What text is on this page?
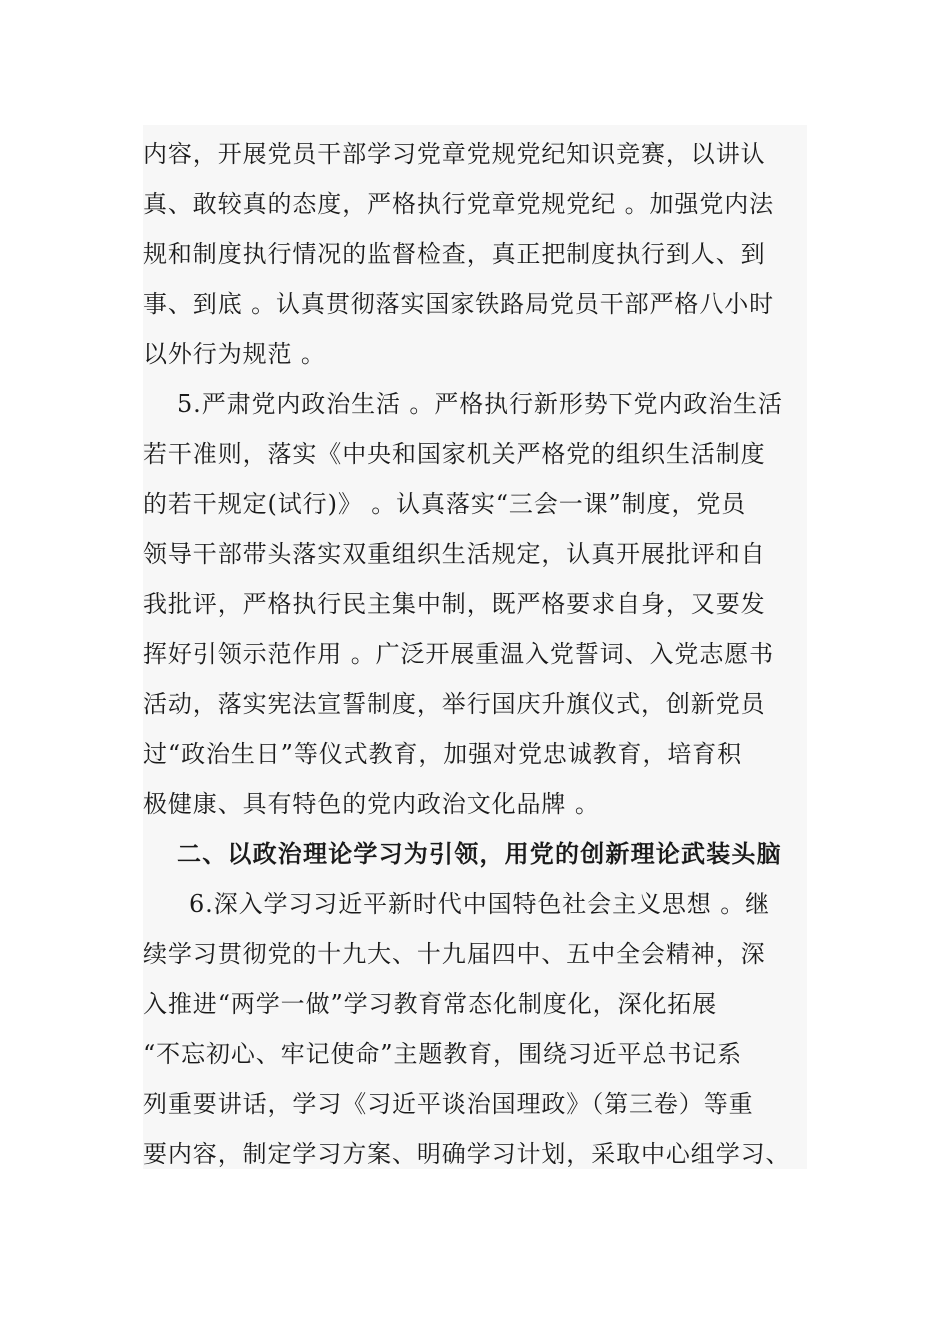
内容，开展党员干部学习党章党规党纪知识竞赛，以讲认
真、敢较真的态度，严格执行党章党规党纪 。加强党内法
规和制度执行情况的监督检查，真正把制度执行到人、到
事、到底 。认真贯彻落实国家铁路局党员干部严格八小时
以外行为规范 。
5.严肃党内政治生活 。严格执行新形势下党内政治生活
若干准则，落实《中央和国家机关严格党的组织生活制度
的若干规定(试行)》 。认真落实“三会一课”制度，党员
领导干部带头落实双重组织生活规定，认真开展批评和自
我批评，严格执行民主集中制，既严格要求自身，又要发
挥好引领示范作用 。广泛开展重温入党誓词、入党志愿书
活动，落实宪法宣誓制度，举行国庆升旗仪式，创新党员
过“政治生日”等仪式教育，加强对党忠诚教育，培育积
极健康、具有特色的党内政治文化品牌 。
二、以政治理论学习为引领，用党的创新理论武装头脑
6.深入学习习近平新时代中国特色社会主义思想 。继
续学习贯彻党的十九大、十九届四中、五中全会精神，深
入推进“两学一做”学习教育常态化制度化，深化拓展
“不忘初心、牢记使命”主题教育，围绕习近平总书记系
列重要讲话，学习《习近平谈治国理政》（第三卷）等重
要内容，制定学习方案、明确学习计划，采取中心组学习、
